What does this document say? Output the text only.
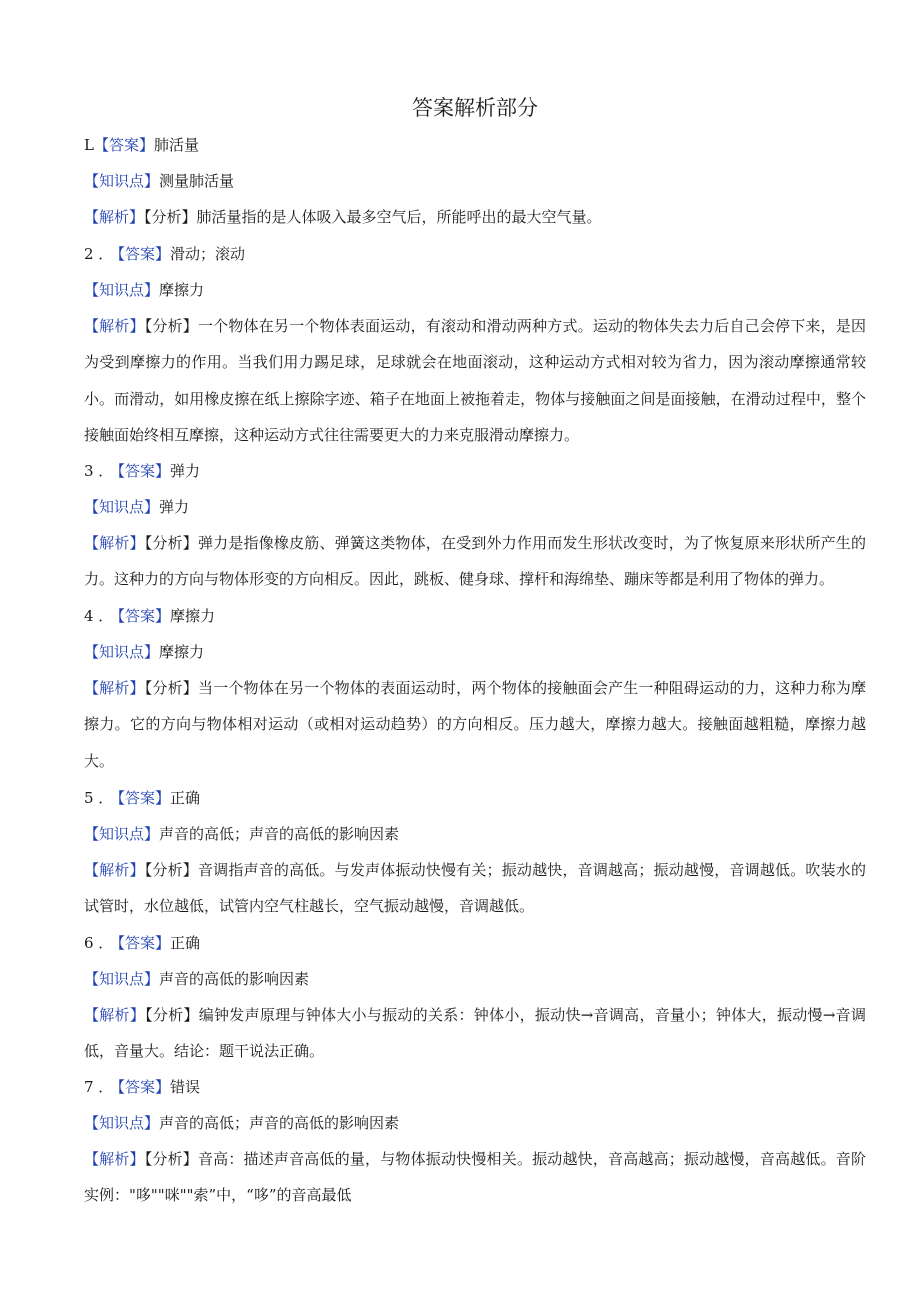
答案解析部分
L【答案】肺活量
【知识点】测量肺活量
【解析】【分析】肺活量指的是人体吸入最多空气后，所能呼出的最大空气量。
2 ．【答案】滑动；滚动
【知识点】摩擦力
【解析】【分析】一个物体在另一个物体表面运动，有滚动和滑动两种方式。运动的物体失去力后自己会停下来，是因为受到摩擦力的作用。当我们用力踢足球，足球就会在地面滚动，这种运动方式相对较为省力，因为滚动摩擦通常较小。而滑动，如用橡皮擦在纸上擦除字迹、箱子在地面上被拖着走，物体与接触面之间是面接触，在滑动过程中，整个接触面始终相互摩擦，这种运动方式往往需要更大的力来克服滑动摩擦力。
3 ．【答案】弹力
【知识点】弹力
【解析】【分析】弹力是指像橡皮筋、弹簧这类物体，在受到外力作用而发生形状改变时，为了恢复原来形状所产生的力。这种力的方向与物体形变的方向相反。因此，跳板、健身球、撑杆和海绵垫、蹦床等都是利用了物体的弹力。
4 ．【答案】摩擦力
【知识点】摩擦力
【解析】【分析】当一个物体在另一个物体的表面运动时，两个物体的接触面会产生一种阻碍运动的力，这种力称为摩擦力。它的方向与物体相对运动（或相对运动趋势）的方向相反。压力越大，摩擦力越大。接触面越粗糙，摩擦力越大。
5 ．【答案】正确
【知识点】声音的高低；声音的高低的影响因素
【解析】【分析】音调指声音的高低。与发声体振动快慢有关；振动越快，音调越高；振动越慢，音调越低。吹装水的试管时，水位越低，试管内空气柱越长，空气振动越慢，音调越低。
6 ．【答案】正确
【知识点】声音的高低的影响因素
【解析】【分析】编钟发声原理与钟体大小与振动的关系：钟体小，振动快→音调高，音量小；钟体大，振动慢→音调低，音量大。结论：题干说法正确。
7 ．【答案】错误
【知识点】声音的高低；声音的高低的影响因素
【解析】【分析】音高：描述声音高低的量，与物体振动快慢相关。振动越快，音高越高；振动越慢，音高越低。音阶实例："哆""咪""索”中，“哆”的音高最低
